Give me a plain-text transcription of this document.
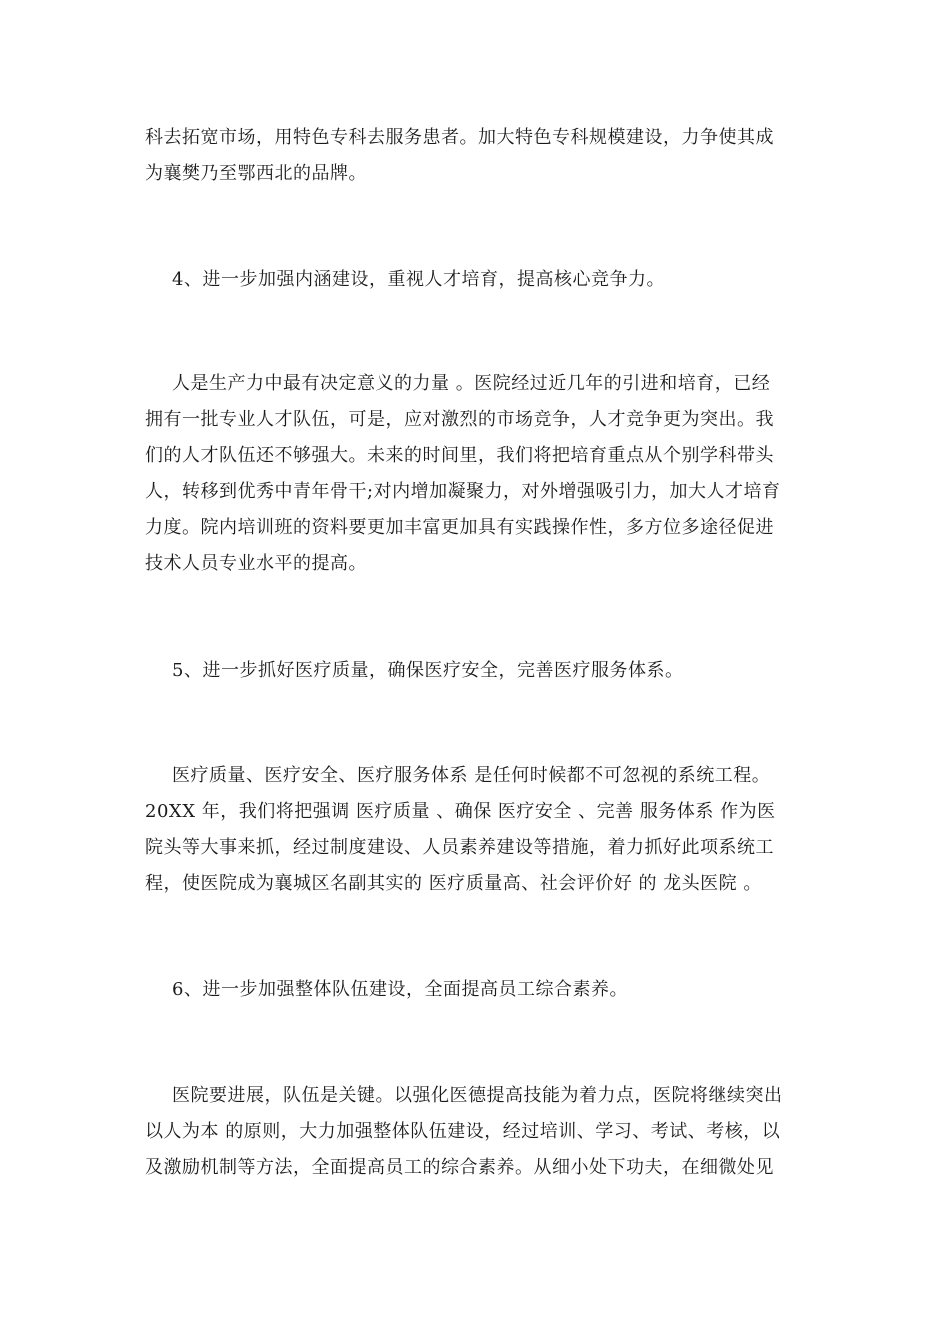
科去拓宽市场，用特色专科去服务患者。加大特色专科规模建设，力争使其成
为襄樊乃至鄂西北的品牌。
4、进一步加强内涵建设，重视人才培育，提高核心竞争力。
人是生产力中最有决定意义的力量 。医院经过近几年的引进和培育，已经
拥有一批专业人才队伍，可是，应对激烈的市场竞争，人才竞争更为突出。我
们的人才队伍还不够强大。未来的时间里，我们将把培育重点从个别学科带头
人，转移到优秀中青年骨干;对内增加凝聚力，对外增强吸引力，加大人才培育
力度。院内培训班的资料要更加丰富更加具有实践操作性，多方位多途径促进
技术人员专业水平的提高。
5、进一步抓好医疗质量，确保医疗安全，完善医疗服务体系。
医疗质量、医疗安全、医疗服务体系 是任何时候都不可忽视的系统工程。
20XX 年，我们将把强调 医疗质量 、确保 医疗安全 、完善 服务体系 作为医
院头等大事来抓，经过制度建设、人员素养建设等措施，着力抓好此项系统工
程，使医院成为襄城区名副其实的 医疗质量高、社会评价好 的 龙头医院 。
6、进一步加强整体队伍建设，全面提高员工综合素养。
医院要进展，队伍是关键。以强化医德提高技能为着力点，医院将继续突出
以人为本 的原则，大力加强整体队伍建设，经过培训、学习、考试、考核，以
及激励机制等方法，全面提高员工的综合素养。从细小处下功夫，在细微处见
